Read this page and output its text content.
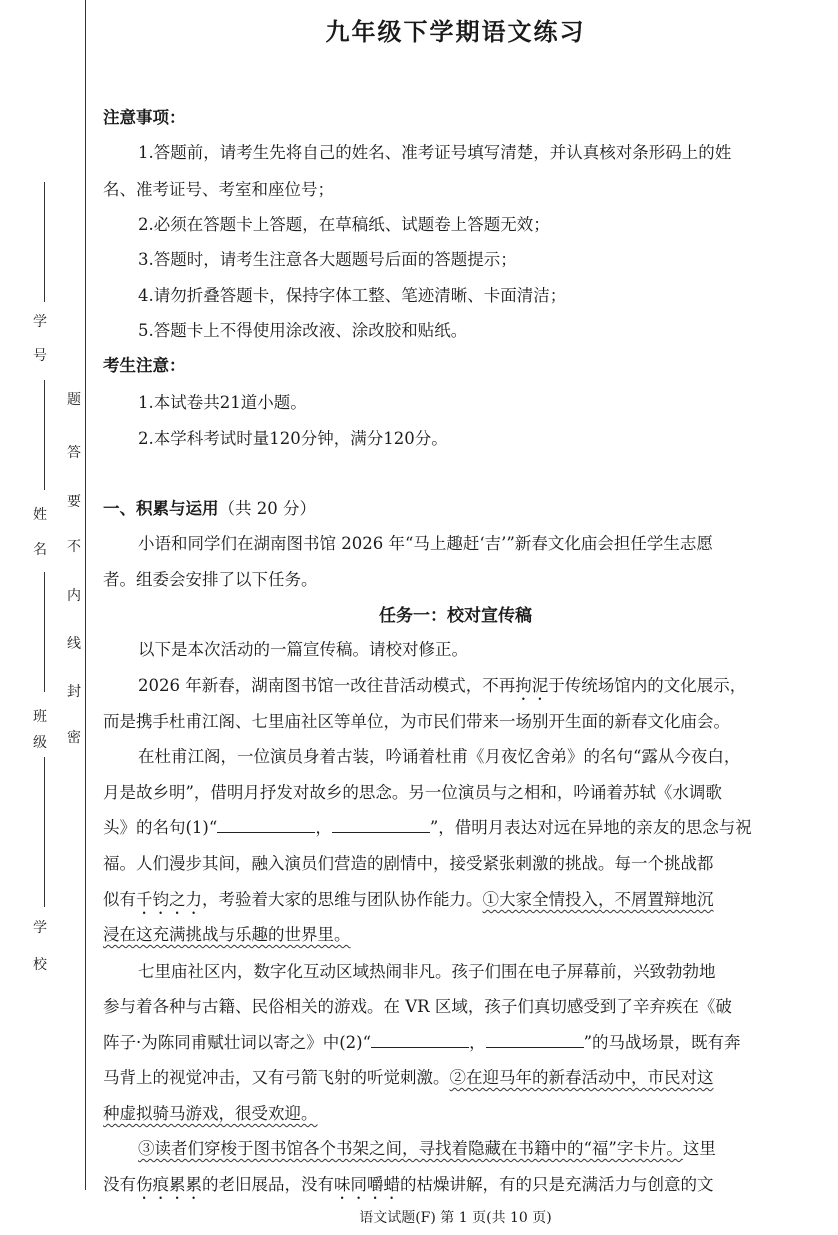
学
号
姓
名
班
级
学
校
题
答
要
不
内
线
封
密
九年级下学期语文练习
注意事项：
1.答题前，请考生先将自己的姓名、准考证号填写清楚，并认真核对条形码上的姓
名、准考证号、考室和座位号；
2.必须在答题卡上答题，在草稿纸、试题卷上答题无效；
3.答题时，请考生注意各大题题号后面的答题提示；
4.请勿折叠答题卡，保持字体工整、笔迹清晰、卡面清洁；
5.答题卡上不得使用涂改液、涂改胶和贴纸。
考生注意：
1.本试卷共21道小题。
2.本学科考试时量120分钟，满分120分。
一、积累与运用（共 20 分）
小语和同学们在湖南图书馆 2026 年“马上趣赶‘吉’”新春文化庙会担任学生志愿
者。组委会安排了以下任务。
任务一：校对宣传稿
以下是本次活动的一篇宣传稿。请校对修正。
2026 年新春，湖南图书馆一改往昔活动模式，不再拘泥于传统场馆内的文化展示，
而是携手杜甫江阁、七里庙社区等单位，为市民们带来一场别开生面的新春文化庙会。
在杜甫江阁，一位演员身着古装，吟诵着杜甫《月夜忆舍弟》的名句“露从今夜白，
月是故乡明”，借明月抒发对故乡的思念。另一位演员与之相和，吟诵着苏轼《水调歌
头》的名句(1)“	，	”，借明月表达对远在异地的亲友的思念与祝
福。人们漫步其间，融入演员们营造的剧情中，接受紧张刺激的挑战。每一个挑战都
似有千钧之力，考验着大家的思维与团队协作能力。①大家全情投入，不屑置辩地沉
浸在这充满挑战与乐趣的世界里。
七里庙社区内，数字化互动区域热闹非凡。孩子们围在电子屏幕前，兴致勃勃地
参与着各种与古籍、民俗相关的游戏。在 VR 区域，孩子们真切感受到了辛弃疾在《破
阵子·为陈同甫赋壮词以寄之》中(2)“	，	”的马战场景，既有奔
马背上的视觉冲击，又有弓箭飞射的听觉刺激。②在迎马年的新春活动中，市民对这
种虚拟骑马游戏，很受欢迎。
③读者们穿梭于图书馆各个书架之间，寻找着隐藏在书籍中的“福”字卡片。这里
没有伤痕累累的老旧展品，没有味同嚼蜡的枯燥讲解，有的只是充满活力与创意的文
语文试题(F) 第 1 页(共 10 页)
